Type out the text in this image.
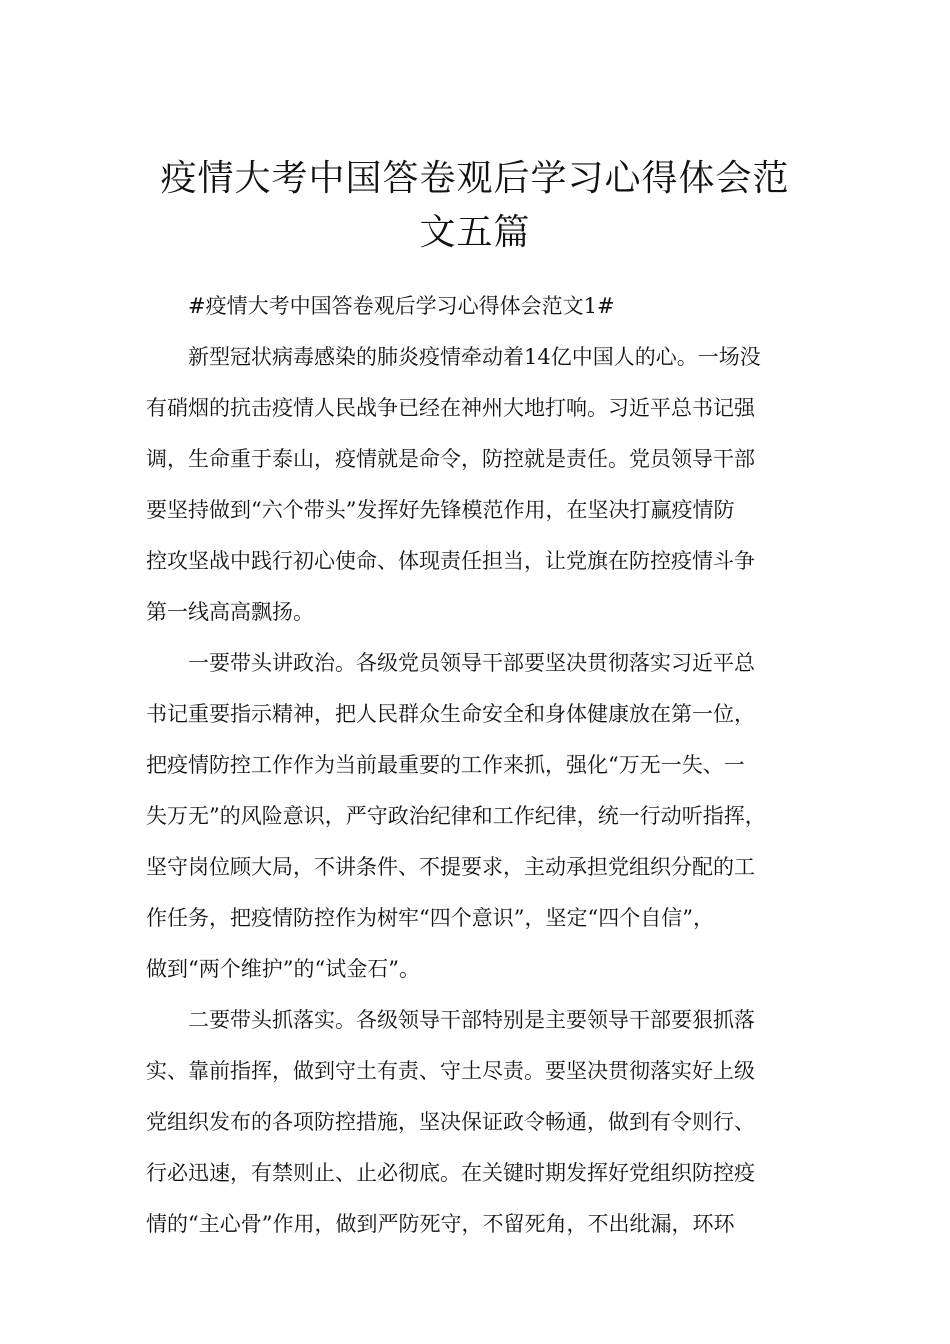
疫情大考中国答卷观后学习心得体会范
文五篇
#疫情大考中国答卷观后学习心得体会范文1#

新型冠状病毒感染的肺炎疫情牵动着14亿中国人的心。一场没
有硝烟的抗击疫情人民战争已经在神州大地打响。习近平总书记强
调，生命重于泰山，疫情就是命令，防控就是责任。党员领导干部
要坚持做到“六个带头”发挥好先锋模范作用，在坚决打赢疫情防
控攻坚战中践行初心使命、体现责任担当，让党旗在防控疫情斗争
第一线高高飘扬。

一要带头讲政治。各级党员领导干部要坚决贯彻落实习近平总
书记重要指示精神，把人民群众生命安全和身体健康放在第一位，
把疫情防控工作作为当前最重要的工作来抓，强化“万无一失、一
失万无”的风险意识，严守政治纪律和工作纪律，统一行动听指挥，
坚守岗位顾大局，不讲条件、不提要求，主动承担党组织分配的工
作任务，把疫情防控作为树牢“四个意识”，坚定“四个自信”，
做到“两个维护”的“试金石”。

二要带头抓落实。各级领导干部特别是主要领导干部要狠抓落
实、靠前指挥，做到守土有责、守土尽责。要坚决贯彻落实好上级
党组织发布的各项防控措施，坚决保证政令畅通，做到有令则行、
行必迅速，有禁则止、止必彻底。在关键时期发挥好党组织防控疫
情的“主心骨”作用，做到严防死守，不留死角，不出纰漏，环环
